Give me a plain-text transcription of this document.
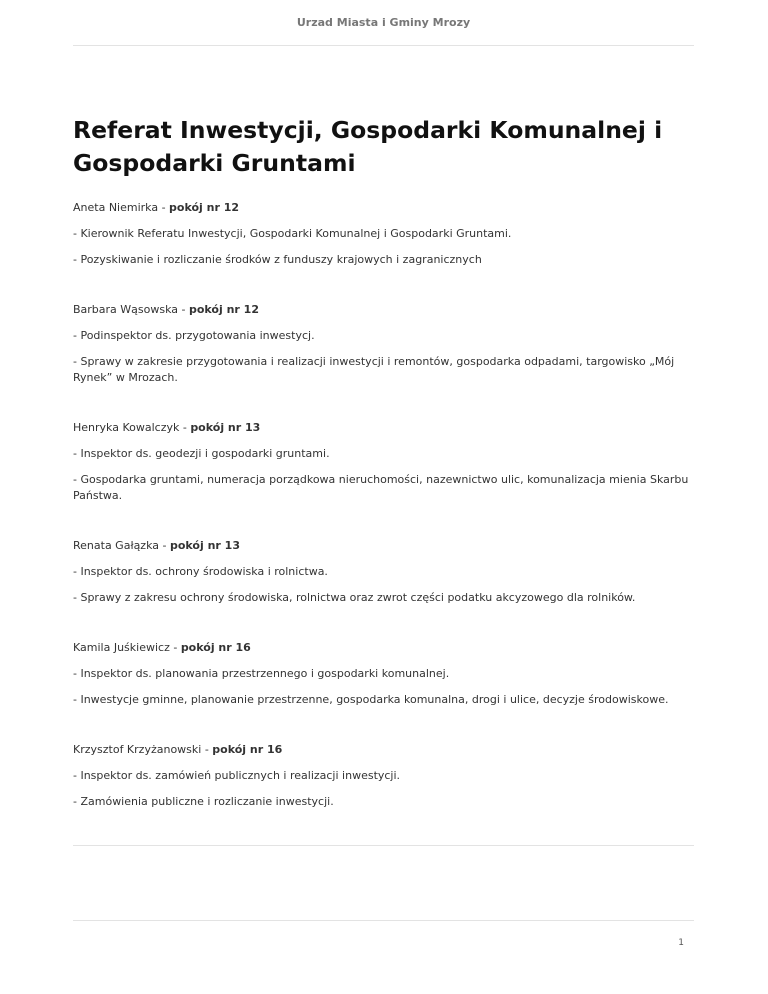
Urzad Miasta i Gminy Mrozy
Referat Inwestycji, Gospodarki Komunalnej i Gospodarki Gruntami

Aneta Niemirka - pokój nr 12

- Kierownik Referatu Inwestycji, Gospodarki Komunalnej i Gospodarki Gruntami.

- Pozyskiwanie i rozliczanie środków z funduszy krajowych i zagranicznych

Barbara Wąsowska - pokój nr 12

- Podinspektor ds. przygotowania inwestycj.

- Sprawy w zakresie przygotowania i realizacji inwestycji i remontów, gospodarka odpadami, targowisko „Mój Rynek” w Mrozach.

Henryka Kowalczyk - pokój nr 13

- Inspektor ds. geodezji i gospodarki gruntami.

- Gospodarka gruntami, numeracja porządkowa nieruchomości, nazewnictwo ulic, komunalizacja mienia Skarbu Państwa.

Renata Gałązka - pokój nr 13

- Inspektor ds. ochrony środowiska i rolnictwa.

- Sprawy z zakresu ochrony środowiska, rolnictwa oraz zwrot części podatku akcyzowego dla rolników.

Kamila Juśkiewicz - pokój nr 16

- Inspektor ds. planowania przestrzennego i gospodarki komunalnej.

- Inwestycje gminne, planowanie przestrzenne, gospodarka komunalna, drogi i ulice, decyzje środowiskowe.

Krzysztof Krzyżanowski - pokój nr 16

- Inspektor ds. zamówień publicznych i realizacji inwestycji.

- Zamówienia publiczne i rozliczanie inwestycji.

1
